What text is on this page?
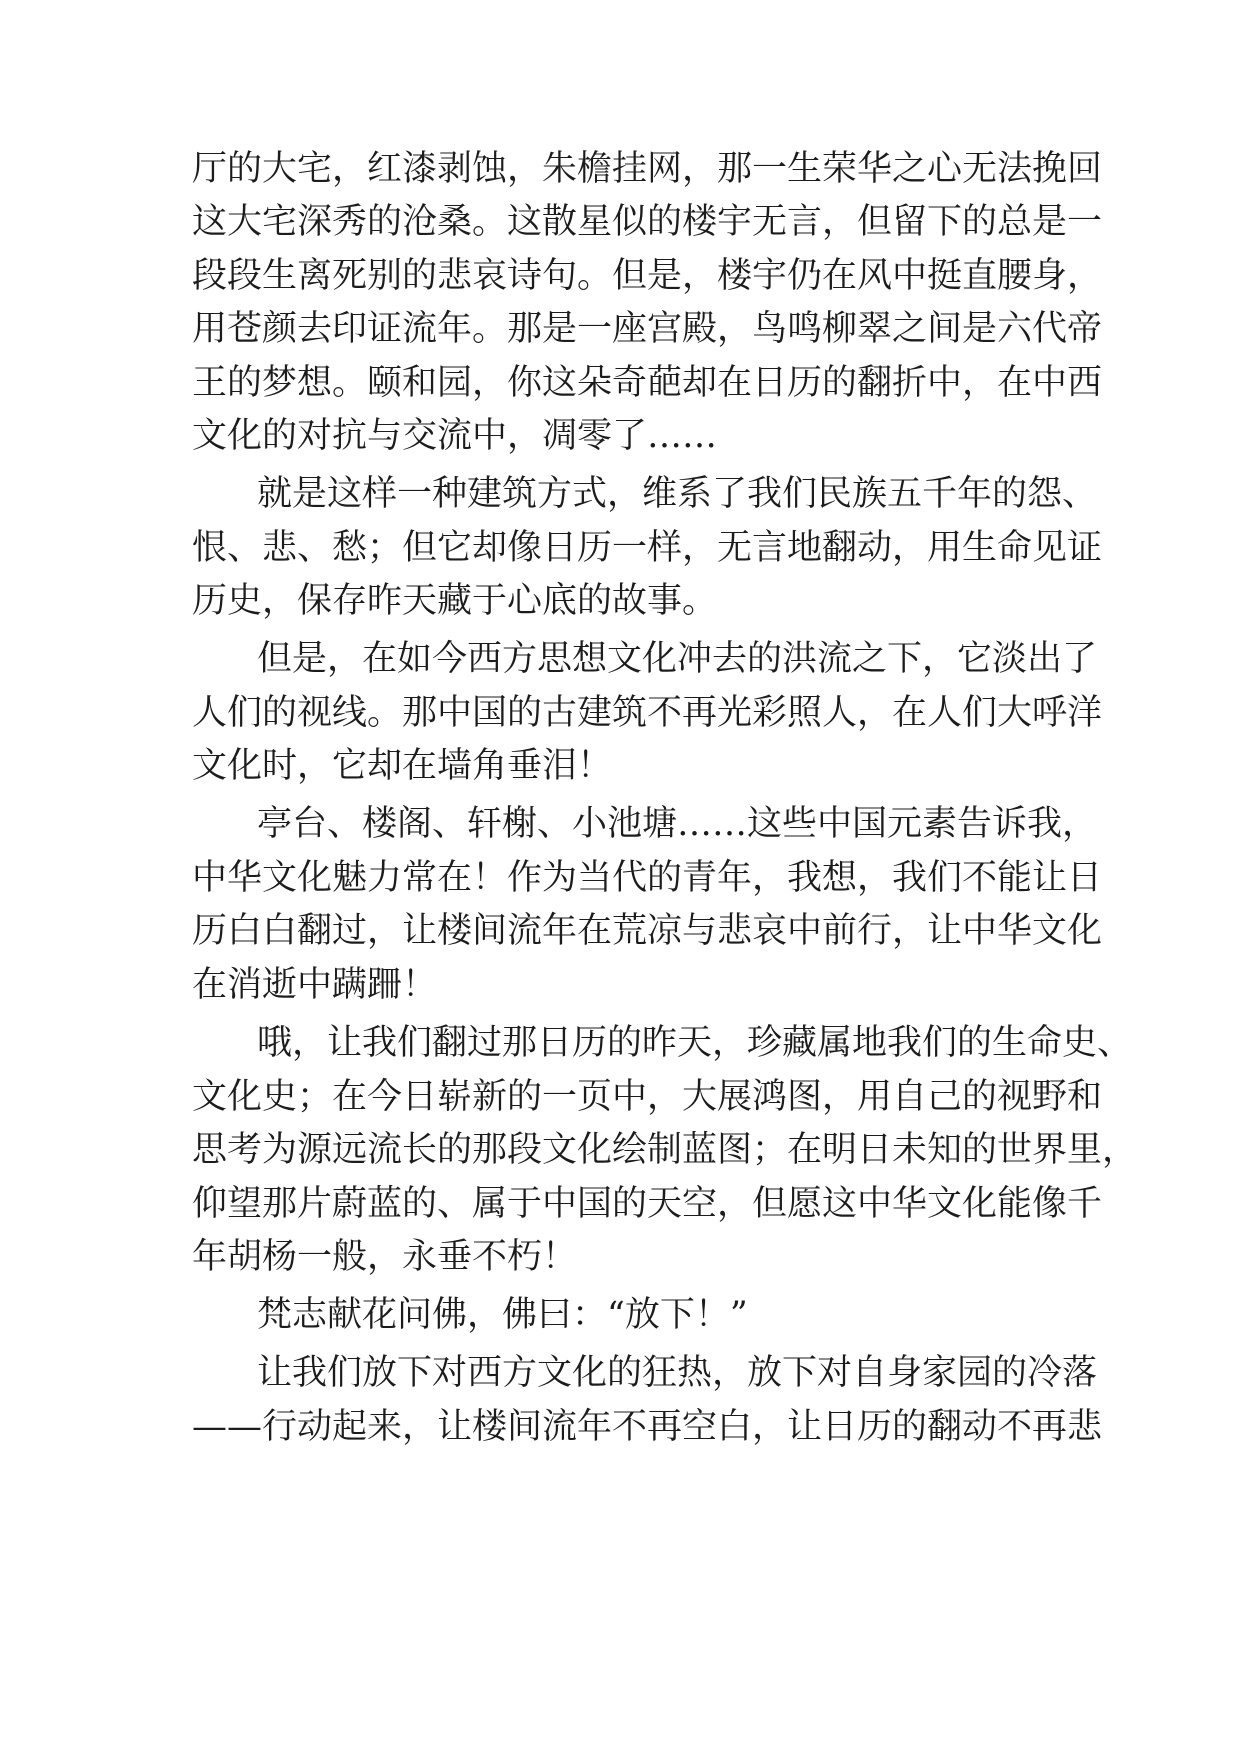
厅的大宅，红漆剥蚀，朱檐挂网，那一生荣华之心无法挽回
这大宅深秀的沧桑。这散星似的楼宇无言，但留下的总是一
段段生离死别的悲哀诗句。但是，楼宇仍在风中挺直腰身，
用苍颜去印证流年。那是一座宫殿，鸟鸣柳翠之间是六代帝
王的梦想。颐和园，你这朵奇葩却在日历的翻折中，在中西
文化的对抗与交流中，凋零了……
就是这样一种建筑方式，维系了我们民族五千年的怨、
恨、悲、愁；但它却像日历一样，无言地翻动，用生命见证
历史，保存昨天藏于心底的故事。
但是，在如今西方思想文化冲去的洪流之下，它淡出了
人们的视线。那中国的古建筑不再光彩照人，在人们大呼洋
文化时，它却在墙角垂泪！
亭台、楼阁、轩榭、小池塘……这些中国元素告诉我，
中华文化魅力常在！作为当代的青年，我想，我们不能让日
历白白翻过，让楼间流年在荒凉与悲哀中前行，让中华文化
在消逝中蹒跚！
哦，让我们翻过那日历的昨天，珍藏属地我们的生命史、
文化史；在今日崭新的一页中，大展鸿图，用自己的视野和
思考为源远流长的那段文化绘制蓝图；在明日未知的世界里，
仰望那片蔚蓝的、属于中国的天空，但愿这中华文化能像千
年胡杨一般，永垂不朽！
梵志献花问佛，佛曰：“放下！”
让我们放下对西方文化的狂热，放下对自身家园的冷落
——行动起来，让楼间流年不再空白，让日历的翻动不再悲
